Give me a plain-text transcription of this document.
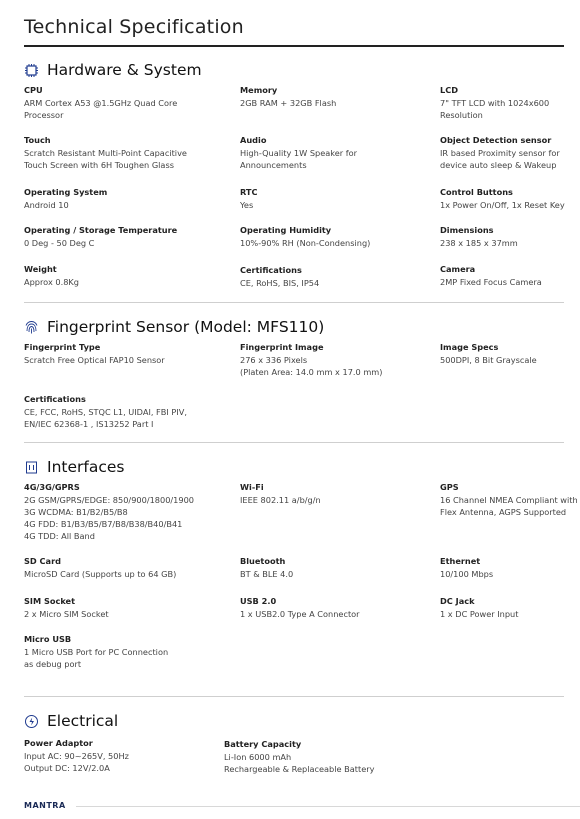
Technical Specification
Hardware & System
CPU
ARM Cortex A53 @1.5GHz Quad Core
Processor
Memory
2GB RAM + 32GB Flash
LCD
7" TFT LCD with 1024x600
Resolution
Touch
Scratch Resistant Multi-Point Capacitive
Touch Screen with 6H Toughen Glass
Audio
High-Quality 1W Speaker for
Announcements
Object Detection sensor
IR based Proximity sensor for
device auto sleep & Wakeup
Operating System
Android 10
RTC
Yes
Control Buttons
1x Power On/Off, 1x Reset Key
Operating / Storage Temperature
0 Deg - 50 Deg C
Operating Humidity
10%-90% RH (Non-Condensing)
Dimensions
238 x 185 x 37mm
Weight
Approx 0.8Kg
Certifications
CE, RoHS, BIS, IP54
Camera
2MP Fixed Focus Camera
Fingerprint Sensor (Model: MFS110)
Fingerprint Type
Scratch Free Optical FAP10 Sensor
Fingerprint Image
276 x 336 Pixels
(Platen Area: 14.0 mm x 17.0 mm)
Image Specs
500DPI, 8 Bit Grayscale
Certifications
CE, FCC, RoHS, STQC L1, UIDAI, FBI PIV,
EN/IEC 62368-1 , IS13252 Part I
Interfaces
4G/3G/GPRS
2G GSM/GPRS/EDGE: 850/900/1800/1900
3G WCDMA: B1/B2/B5/B8
4G FDD: B1/B3/B5/B7/B8/B38/B40/B41
4G TDD: All Band
Wi-Fi
IEEE 802.11 a/b/g/n
GPS
16 Channel NMEA Compliant with
Flex Antenna, AGPS Supported
SD Card
MicroSD Card (Supports up to 64 GB)
Bluetooth
BT & BLE 4.0
Ethernet
10/100 Mbps
SIM Socket
2 x Micro SIM Socket
USB 2.0
1 x USB2.0 Type A Connector
DC Jack
1 x DC Power Input
Micro USB
1 Micro USB Port for PC Connection
as debug port
Electrical
Power Adaptor
Input AC: 90~265V, 50Hz
Output DC: 12V/2.0A
Battery Capacity
Li-Ion 6000 mAh
Rechargeable & Replaceable Battery
MANTRA
